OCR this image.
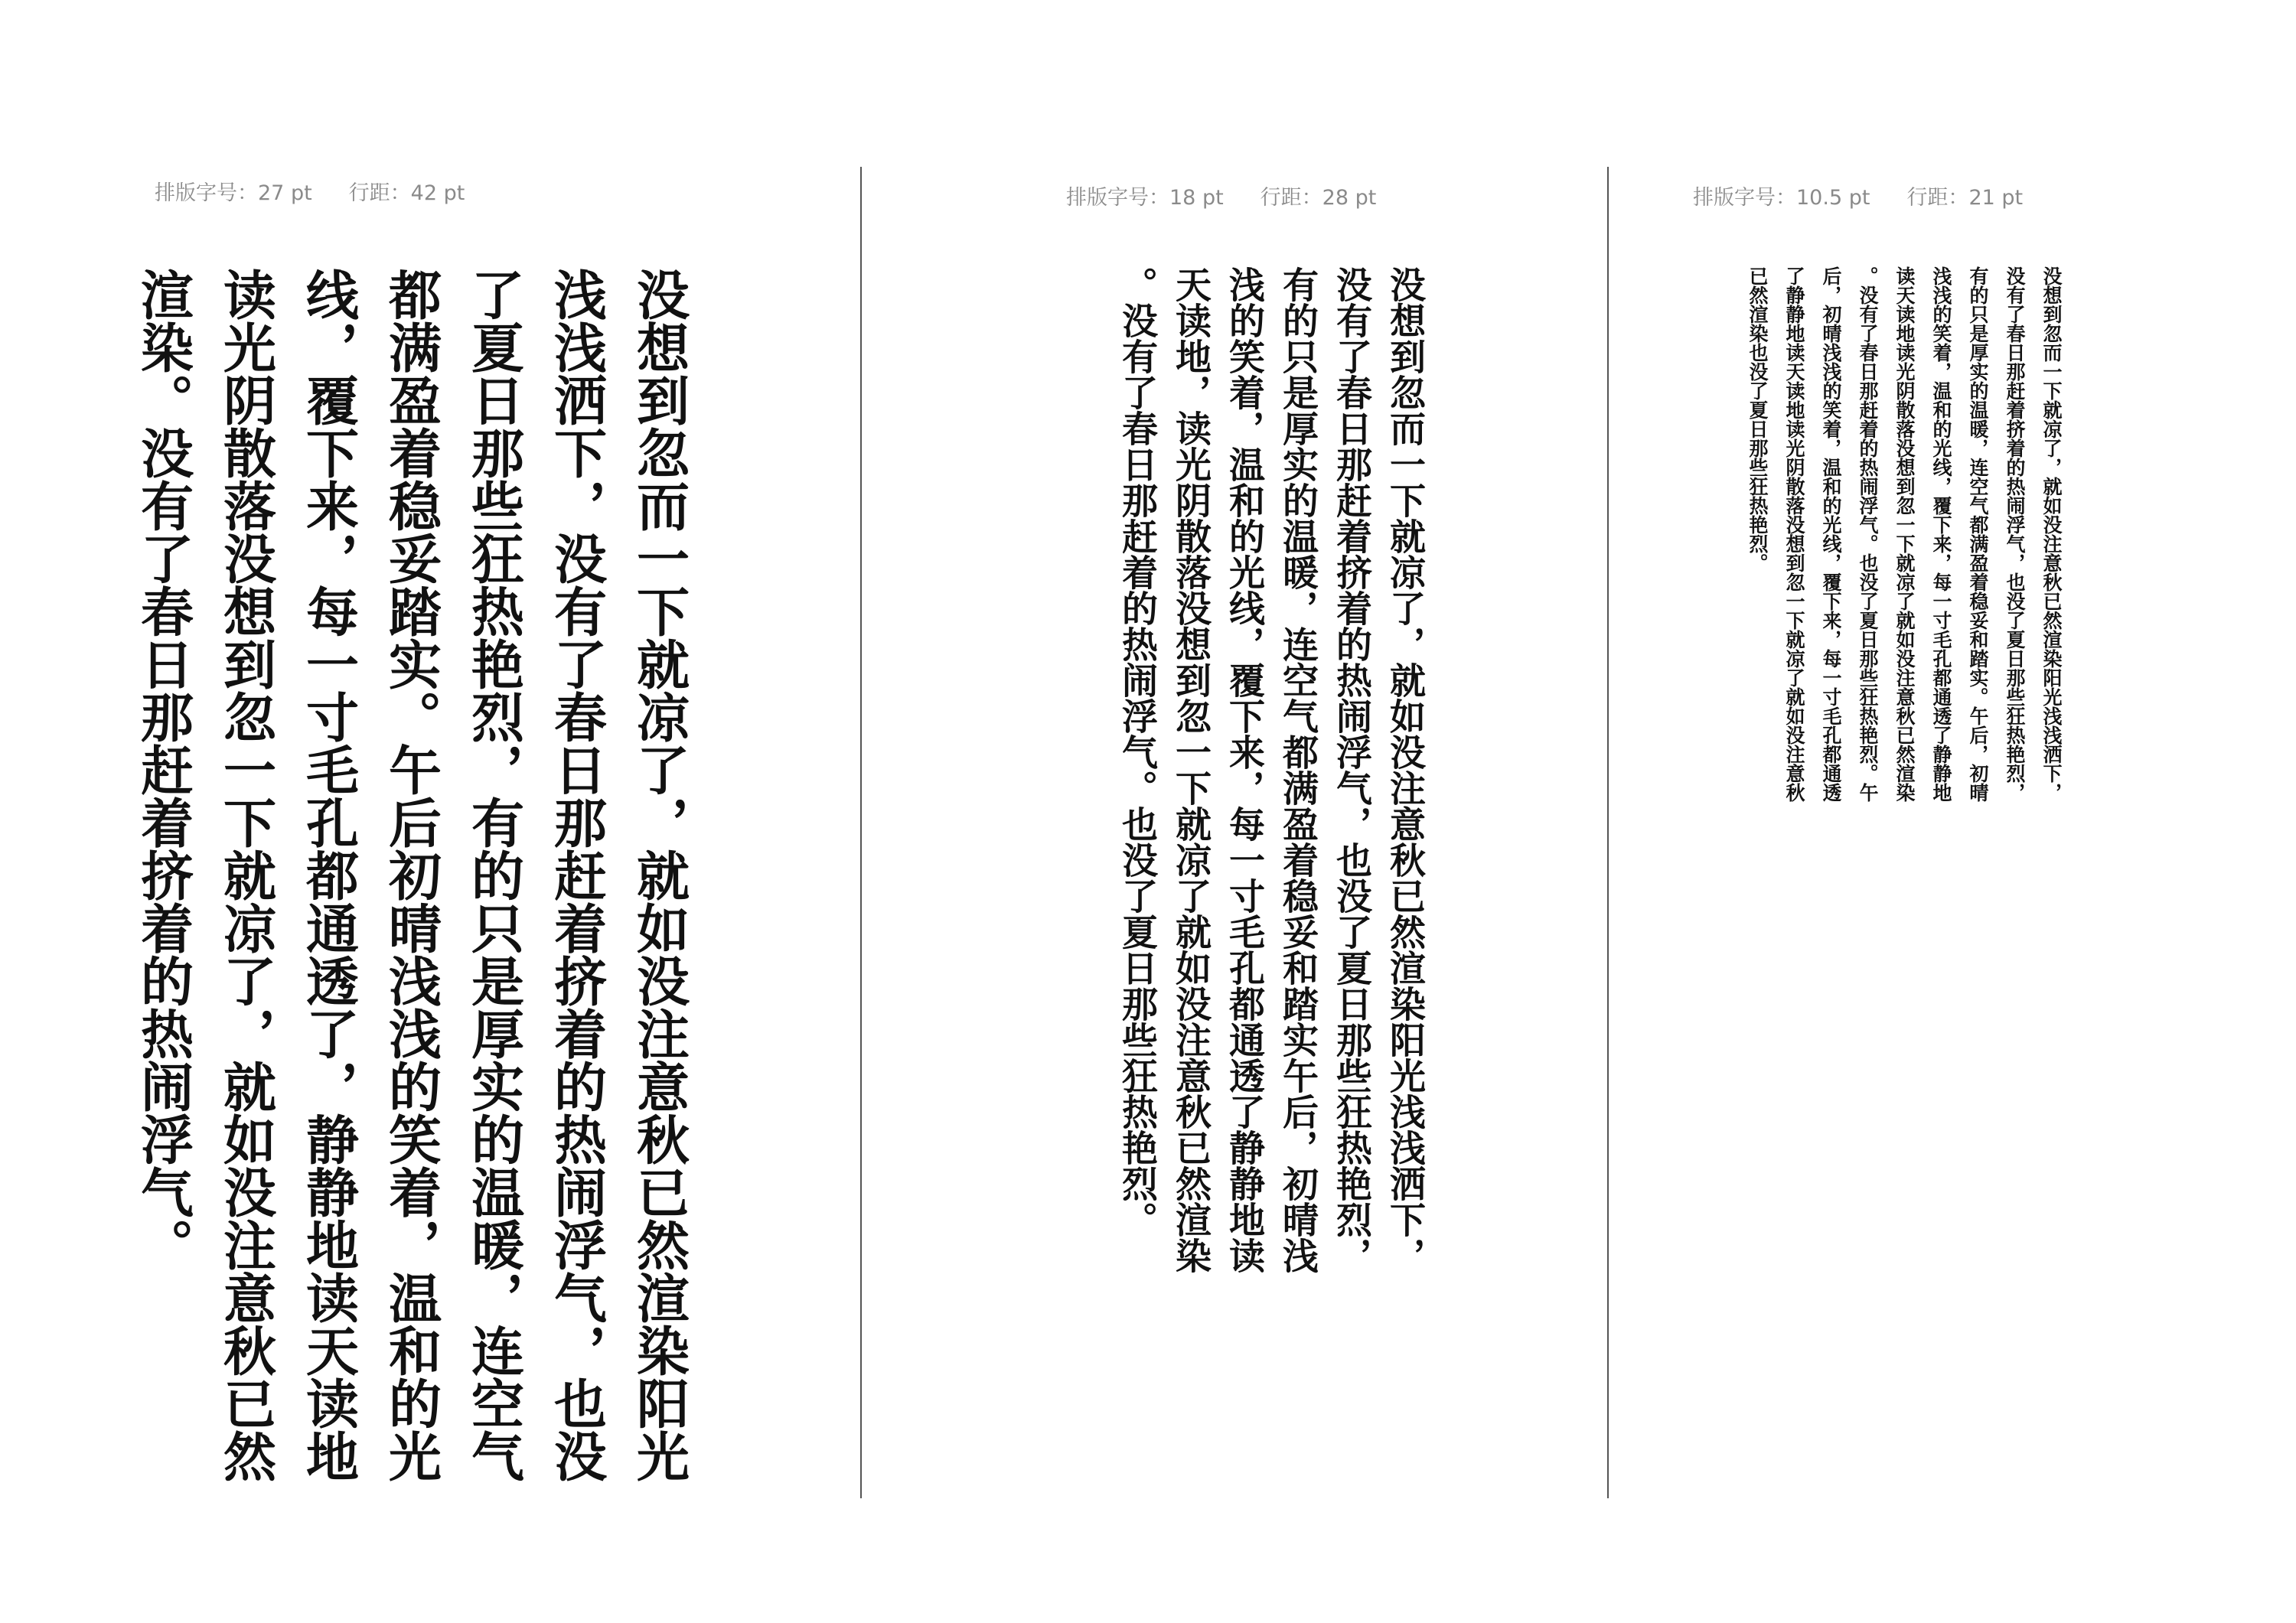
排版字号：27 pt 行距：42 pt
没想到忽而一下就凉了，就如没注意秋已然渲染阳光浅浅洒下，没有了春日那赶着挤着的热闹浮气，也没了夏日那些狂热艳烈，有的只是厚实的温暖，连空气都满盈着稳妥踏实。午后初晴浅浅的笑着，温和的光线，覆下来，每一寸毛孔都通透了，静静地读天读地读光阴散落没想到忽一下就凉了，就如没注意秋已然渲染。没有了春日那赶着挤着的热闹浮气。
排版字号：18 pt 行距：28 pt
没想到忽而一下就凉了，就如没注意秋已然渲染阳光浅浅洒下，没有了春日那赶着挤着的热闹浮气，也没了夏日那些狂热艳烈，有的只是厚实的温暖，连空气都满盈着稳妥和踏实午后，初晴浅浅的笑着，温和的光线，覆下来，每一寸毛孔都通透了静静地读天读地，读光阴散落没想到忽一下就凉了就如没注意秋已然渲染。没有了春日那赶着的热闹浮气。也没了夏日那些狂热艳烈。
排版字号：10.5 pt 行距：21 pt
没想到忽而一下就凉了，就如没注意秋已然渲染阳光浅浅洒下，没有了春日那赶着挤着的热闹浮气，也没了夏日那些狂热艳烈，有的只是厚实的温暖，连空气都满盈着稳妥和踏实。午后，初晴浅浅的笑着，温和的光线，覆下来，每一寸毛孔都通透了静静地读天读地读光阴散落没想到忽一下就凉了就如没注意秋已然渲染。没有了春日那赶着的热闹浮气。也没了夏日那些狂热艳烈。午后，初晴浅浅的笑着，温和的光线，覆下来，每一寸毛孔都通透了静静地读天读地读光阴散落没想到忽一下就凉了就如没注意秋已然渲染也没了夏日那些狂热艳烈。
